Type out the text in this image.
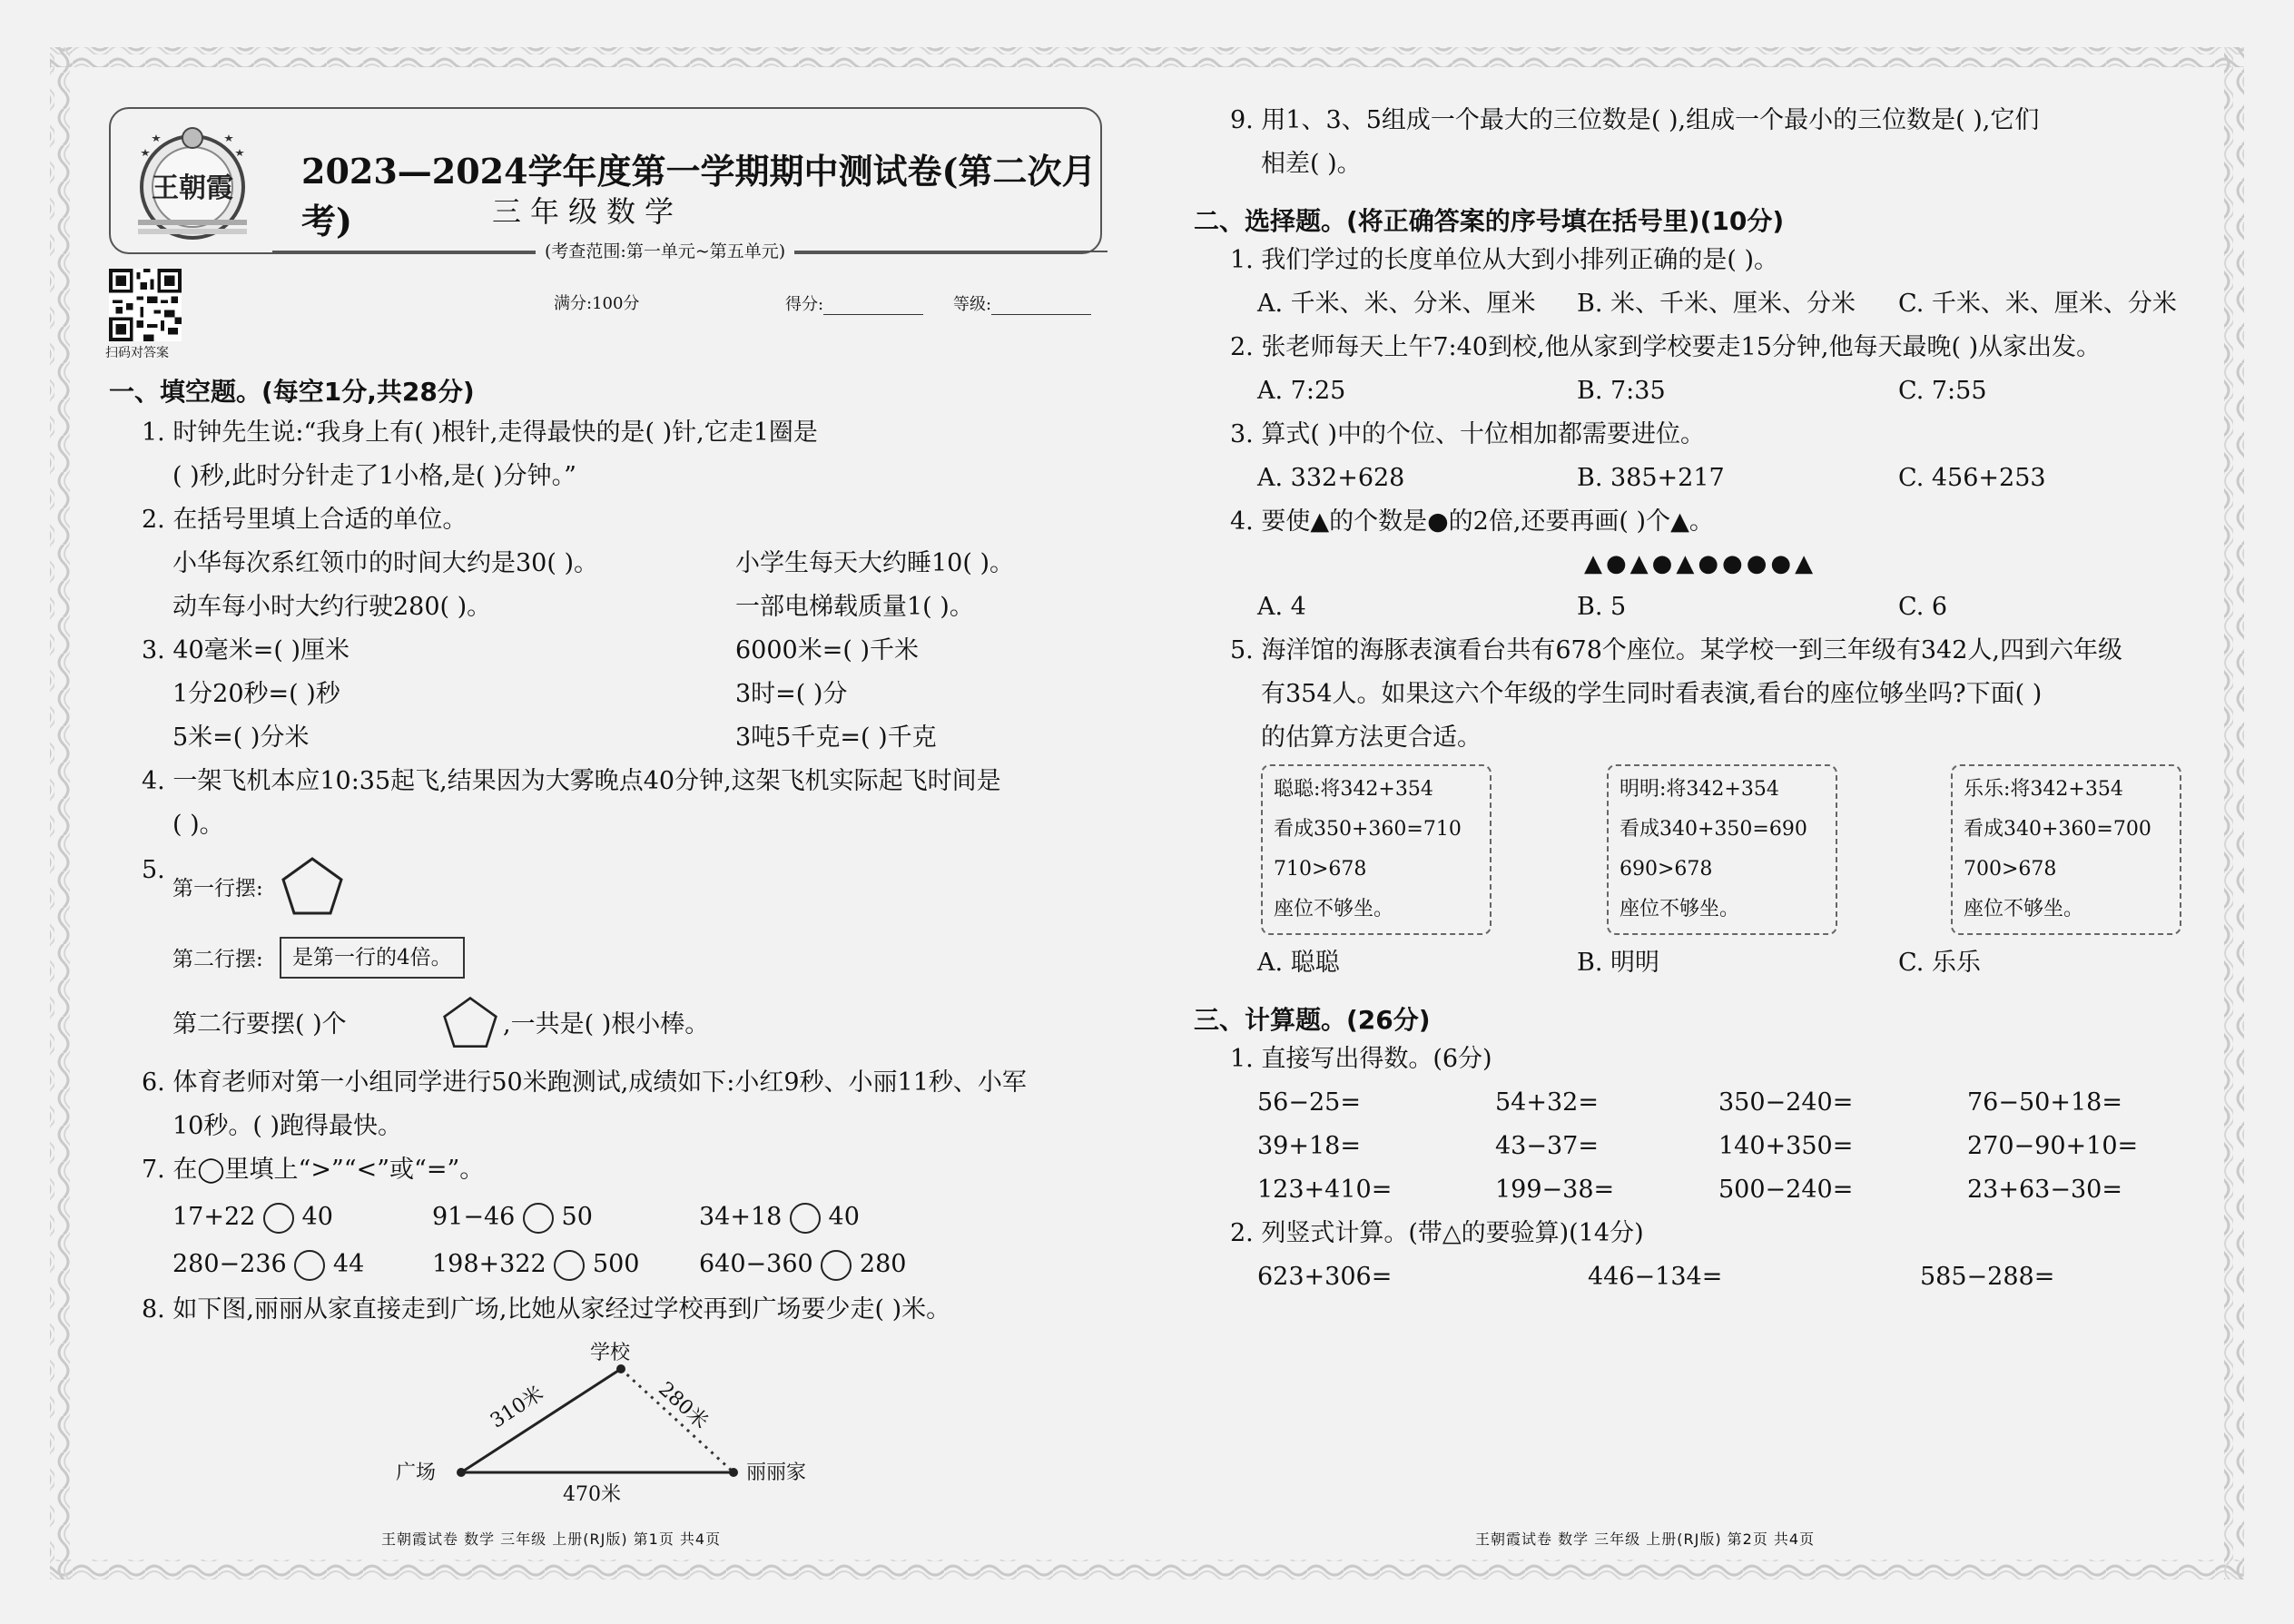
王朝霞 2023—2024学年度第一学期期中测试卷(第二次月考)	三年级数学
(考查范围:第一单元~第五单元)
扫码对答案
满分:100分	得分:	等级:
一、填空题。(每空1分,共28分)
1. 时钟先生说:“我身上有( )根针,走得最快的是( )针,它走1圈是
( )秒,此时分针走了1小格,是( )分钟。”
2. 在括号里填上合适的单位。
小华每次系红领巾的时间大约是30( )。	小学生每天大约睡10( )。
动车每小时大约行驶280( )。	一部电梯载质量1( )。
3. 40毫米=( )厘米	6000米=( )千米
1分20秒=( )秒	3时=( )分
5米=( )分米	3吨5千克=( )千克
4. 一架飞机本应10:35起飞,结果因为大雾晚点40分钟,这架飞机实际起飞时间是
( )。
5.
第一行摆:
第二行摆:	是第一行的4倍。
第二行要摆( )个	,一共是( )根小棒。
6. 体育老师对第一小组同学进行50米跑测试,成绩如下:小红9秒、小丽11秒、小军
10秒。( )跑得最快。
7. 在◯里填上“>”“<”或“=”。
17+22 40	91−46 50	34+18 40
280−236 44	198+322 500 640−360 280
8. 如下图,丽丽从家直接走到广场,比她从家经过学校再到广场要少走( )米。
学校
广场	丽丽家
310米	280米
470米
王朝霞试卷 数学 三年级 上册(RJ版) 第1页 共4页
9. 用1、3、5组成一个最大的三位数是( ),组成一个最小的三位数是( ),它们
相差( )。
二、选择题。(将正确答案的序号填在括号里)(10分)
1. 我们学过的长度单位从大到小排列正确的是( )。
A. 千米、米、分米、厘米 B. 米、千米、厘米、分米 C. 千米、米、厘米、分米
2. 张老师每天上午7:40到校,他从家到学校要走15分钟,他每天最晚( )从家出发。
A. 7:25	B. 7:35	C. 7:55
3. 算式( )中的个位、十位相加都需要进位。
A. 332+628	B. 385+217	C. 456+253
4. 要使▲的个数是●的2倍,还要再画( )个▲。
▲●▲●▲●●●●▲
A. 4	B. 5	C. 6
5. 海洋馆的海豚表演看台共有678个座位。某学校一到三年级有342人,四到六年级
有354人。如果这六个年级的学生同时看表演,看台的座位够坐吗?下面( )
的估算方法更合适。
聪聪:将342+354
看成350+360=710
710>678
座位不够坐。
明明:将342+354
看成340+350=690
690>678
座位不够坐。
乐乐:将342+354
看成340+360=700
700>678
座位不够坐。
A. 聪聪	B. 明明	C. 乐乐
三、计算题。(26分)
1. 直接写出得数。(6分)
56−25=	54+32=	350−240=	76−50+18=
39+18=	43−37=	140+350=	270−90+10=
123+410=	199−38=	500−240=	23+63−30=
2. 列竖式计算。(带△的要验算)(14分)
623+306=	446−134=	585−288=
王朝霞试卷 数学 三年级 上册(RJ版) 第2页 共4页
